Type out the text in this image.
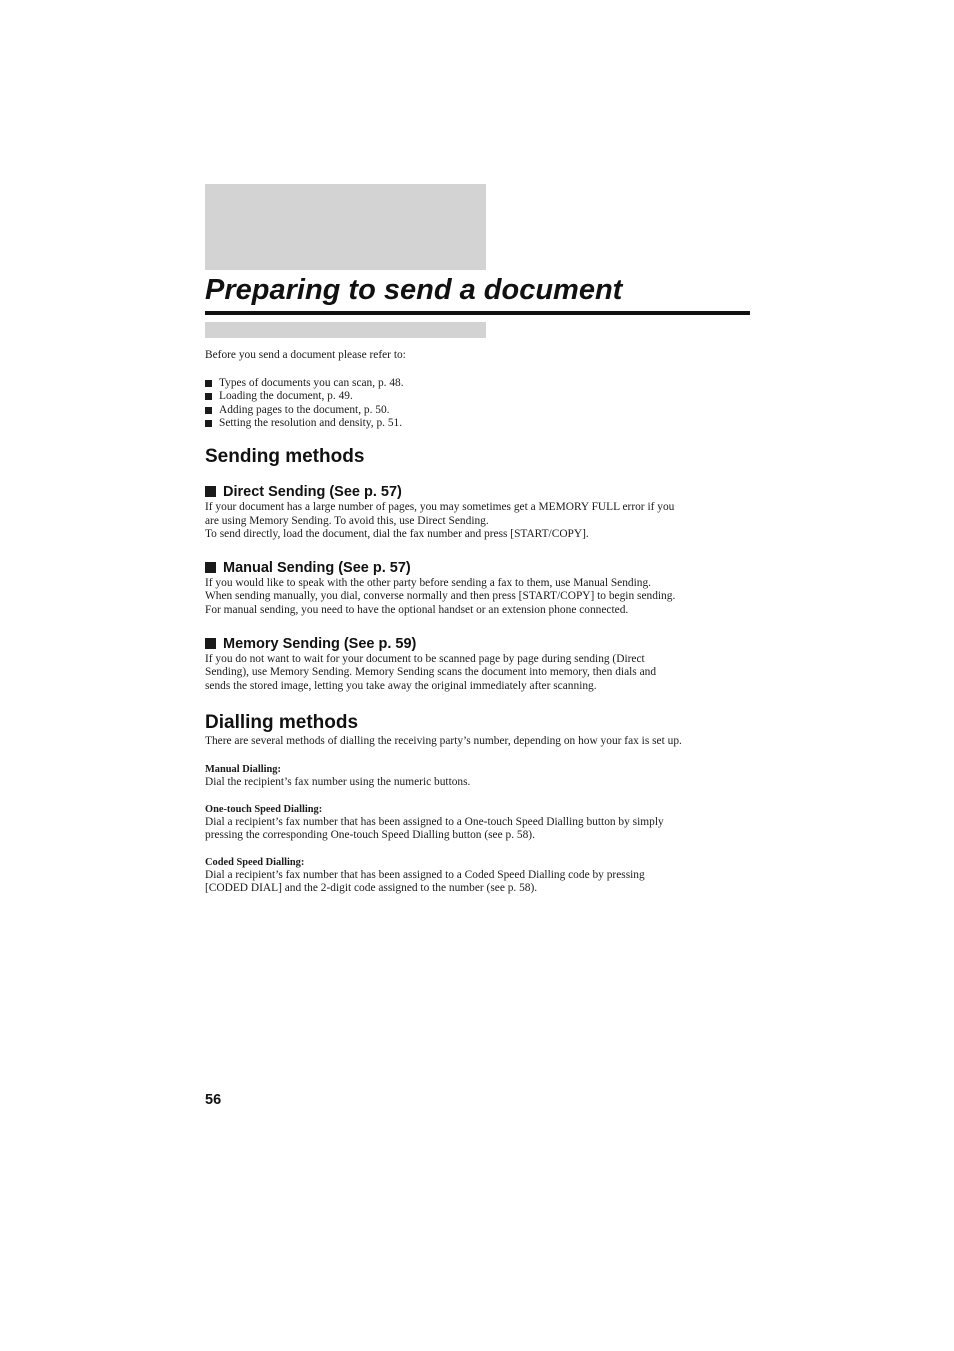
Preparing to send a document

Before you send a document please refer to:

Types of documents you can scan, p. 48.
Loading the document, p. 49.
Adding pages to the document, p. 50.
Setting the resolution and density, p. 51.
Sending methods
Direct Sending (See p. 57)

If your document has a large number of pages, you may sometimes get a MEMORY FULL error if you

are using Memory Sending. To avoid this, use Direct Sending.

To send directly, load the document, dial the fax number and press [START/COPY].

Manual Sending (See p. 57)

If you would like to speak with the other party before sending a fax to them, use Manual Sending.

When sending manually, you dial, converse normally and then press [START/COPY] to begin sending.

For manual sending, you need to have the optional handset or an extension phone connected.

Memory Sending (See p. 59)

If you do not want to wait for your document to be scanned page by page during sending (Direct

Sending), use Memory Sending. Memory Sending scans the document into memory, then dials and

sends the stored image, letting you take away the original immediately after scanning.

Dialling methods

There are several methods of dialling the receiving party’s number, depending on how your fax is set up.

Manual Dialling:

Dial the recipient’s fax number using the numeric buttons.

One-touch Speed Dialling:

Dial a recipient’s fax number that has been assigned to a One-touch Speed Dialling button by simply

pressing the corresponding One-touch Speed Dialling button (see p. 58).

Coded Speed Dialling:

Dial a recipient’s fax number that has been assigned to a Coded Speed Dialling code by pressing

[CODED DIAL] and the 2-digit code assigned to the number (see p. 58).

56
